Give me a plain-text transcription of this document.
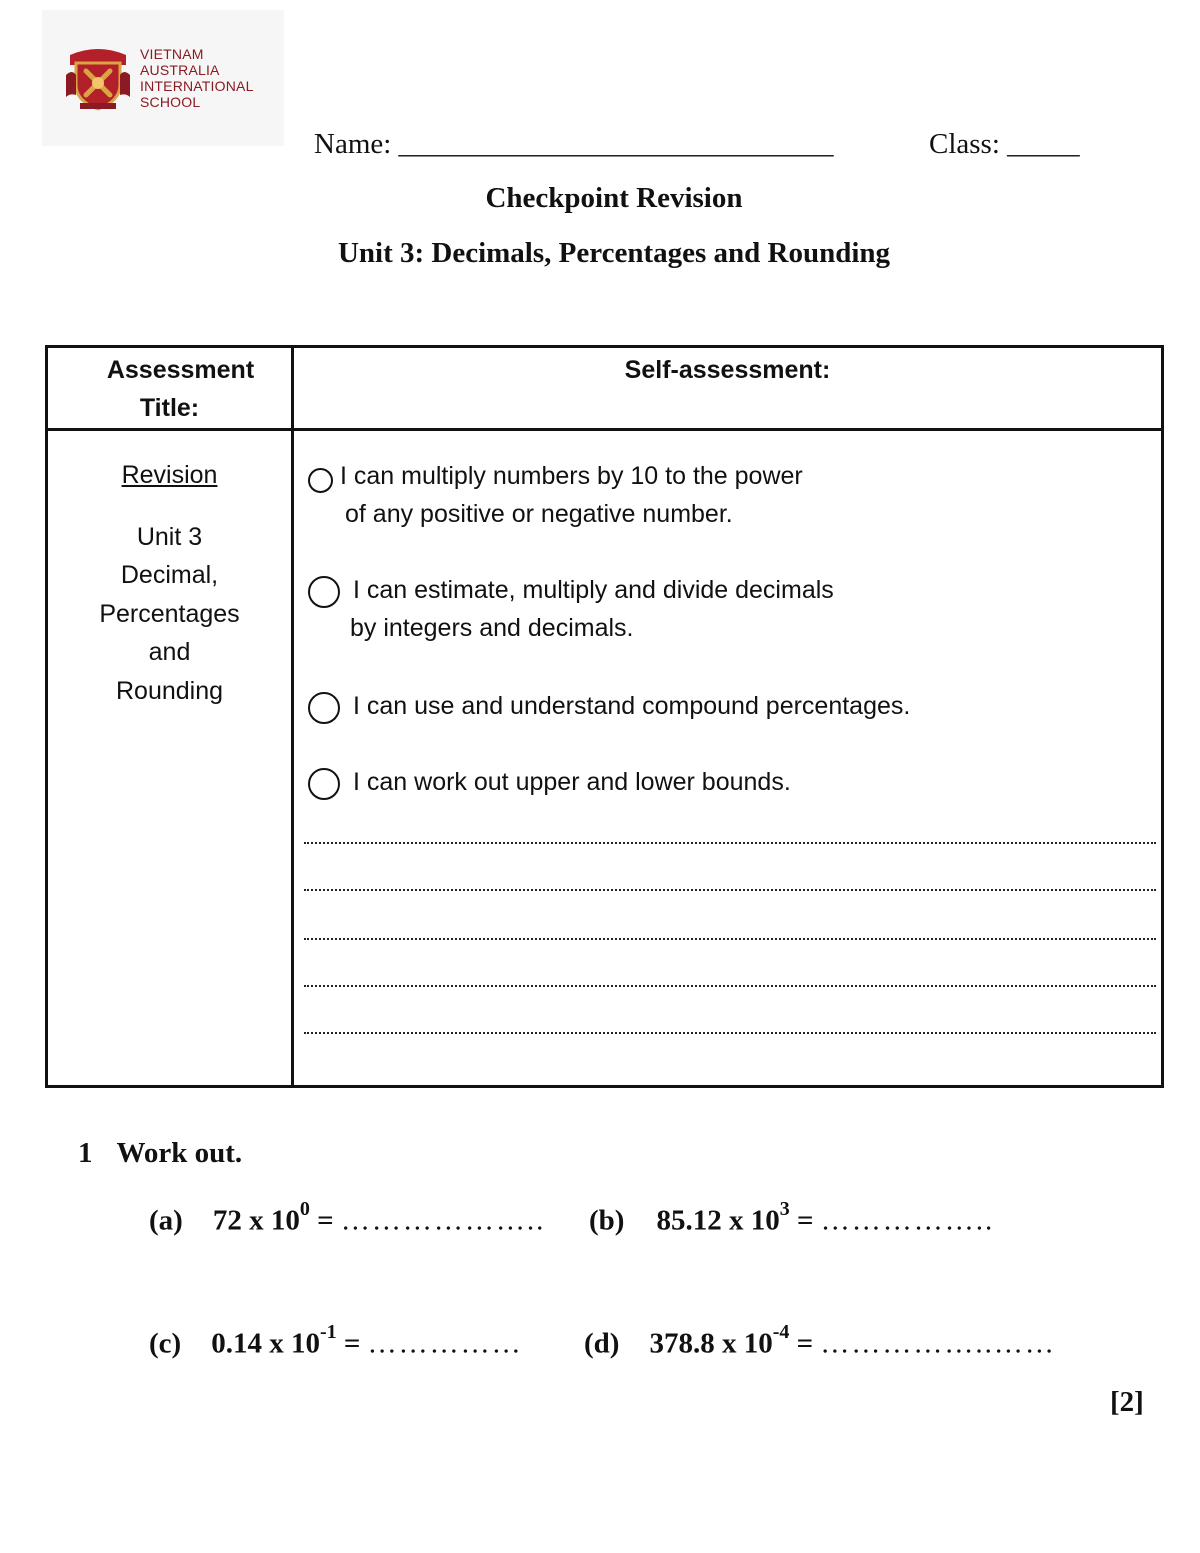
VIETNAM
AUSTRALIA
INTERNATIONAL
SCHOOL
Name: ______________________________	Class: _____
Checkpoint Revision
Unit 3: Decimals, Percentages and Rounding
Assessment
Title:
Self-assessment:
Revision
Unit 3
Decimal,
Percentages
and
Rounding
I can multiply numbers by 10 to the power
of any positive or negative number.
I can estimate, multiply and divide decimals
by integers and decimals.
I can use and understand compound percentages.
I can work out upper and lower bounds.
1 Work out.
(a) 72 x $10^0$ = ……………….. (b) 85.12 x $10^3$ = ……………..
(c) 0.14 x $10^{-1}$ = …………… (d) 378.8 x $10^{-4}$ = ……………..……
[2]
